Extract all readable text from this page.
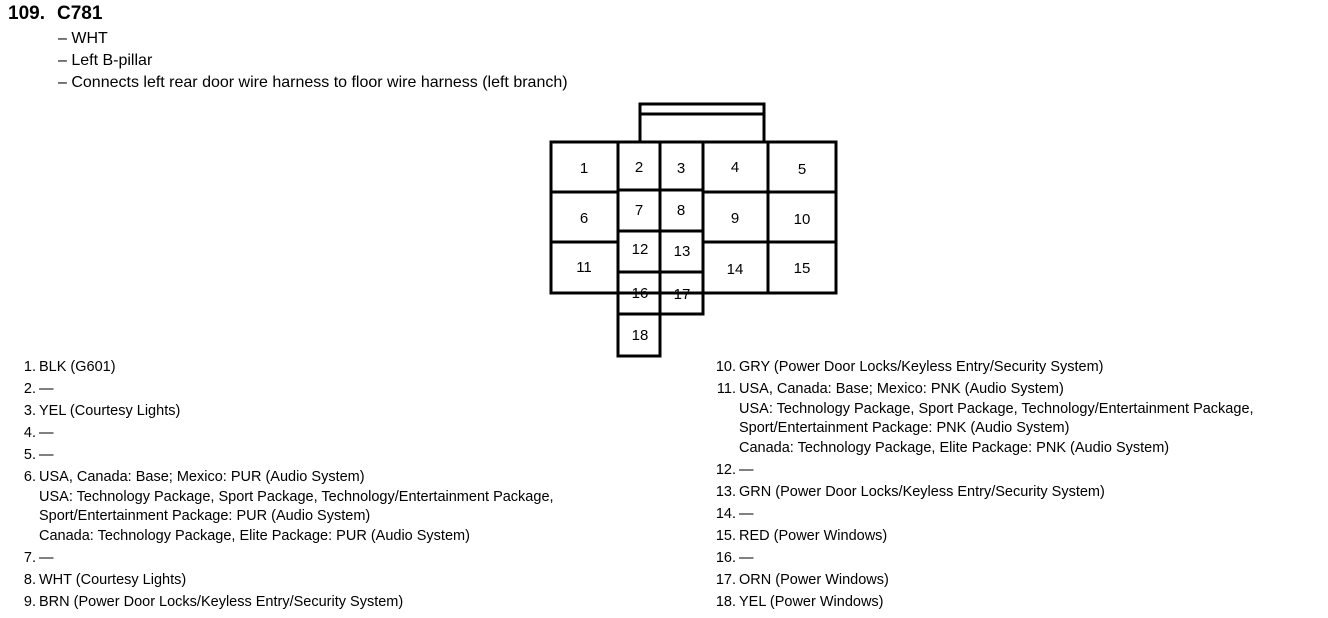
109. C781
– WHT
– Left B-pillar
– Connects left rear door wire harness to floor wire harness (left branch)
1	2 3	4	5
6	7 8	9	10
11
12 13
14	15
16 17
18
1. BLK (G601)
2. —
3. YEL (Courtesy Lights)
4. —
5. —
6. USA, Canada: Base; Mexico: PUR (Audio System)
USA: Technology Package, Sport Package, Technology/Entertainment Package,
Sport/Entertainment Package: PUR (Audio System)
Canada: Technology Package, Elite Package: PUR (Audio System)
7. —
8. WHT (Courtesy Lights)
9. BRN (Power Door Locks/Keyless Entry/Security System)
10. GRY (Power Door Locks/Keyless Entry/Security System)
11. USA, Canada: Base; Mexico: PNK (Audio System)
USA: Technology Package, Sport Package, Technology/Entertainment Package,
Sport/Entertainment Package: PNK (Audio System)
Canada: Technology Package, Elite Package: PNK (Audio System)
12. —
13. GRN (Power Door Locks/Keyless Entry/Security System)
14. —
15. RED (Power Windows)
16. —
17. ORN (Power Windows)
18. YEL (Power Windows)
